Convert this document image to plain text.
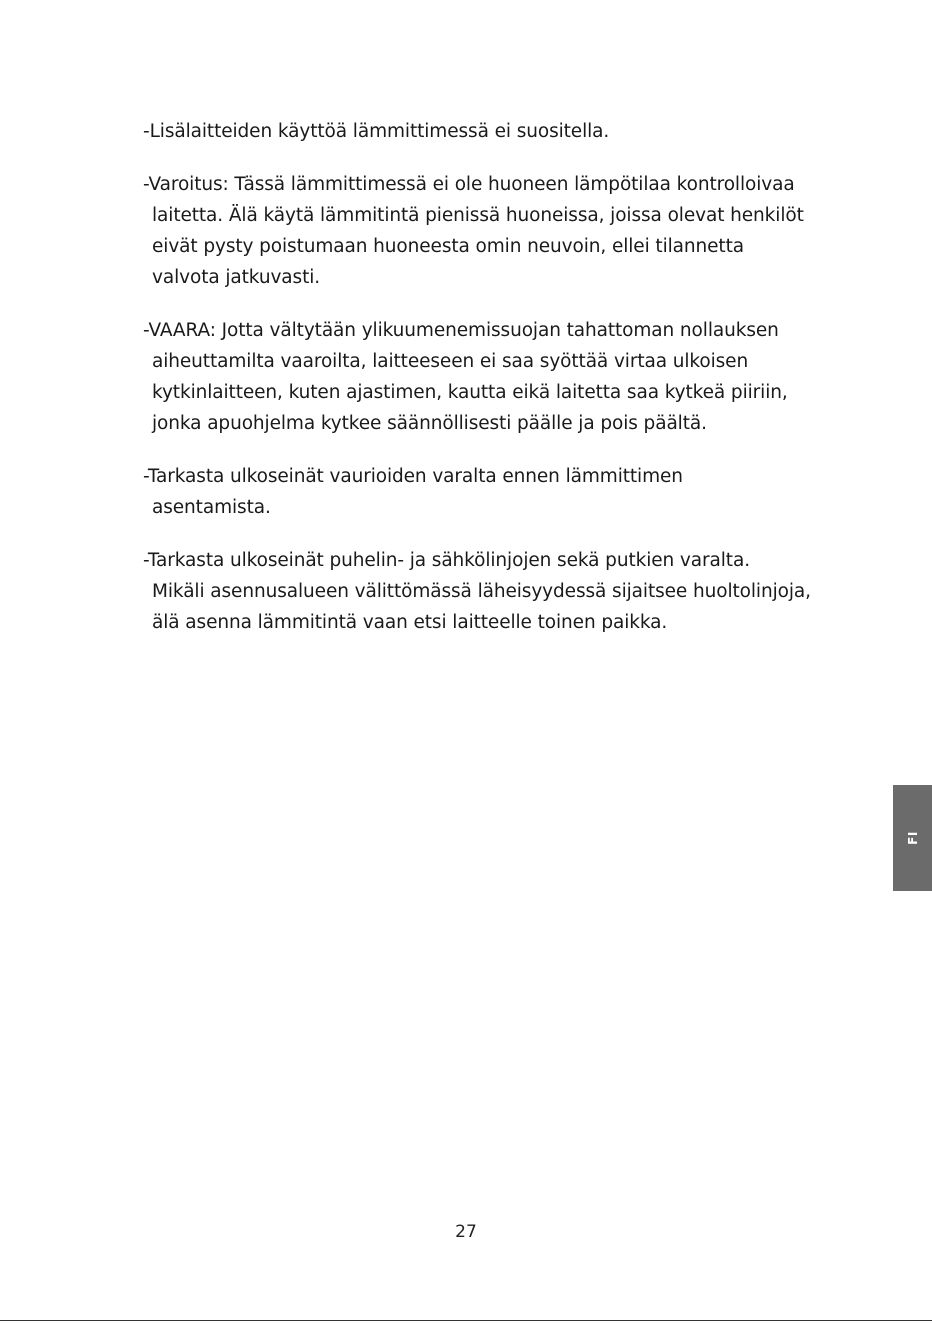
-Lisälaitteiden käyttöä lämmittimessä ei suositella.
-Varoitus: Tässä lämmittimessä ei ole huoneen lämpötilaa kontrolloivaa
laitetta. Älä käytä lämmitintä pienissä huoneissa, joissa olevat henkilöt
eivät pysty poistumaan huoneesta omin neuvoin, ellei tilannetta
valvota jatkuvasti.
-VAARA: Jotta vältytään ylikuumenemissuojan tahattoman nollauksen
aiheuttamilta vaaroilta, laitteeseen ei saa syöttää virtaa ulkoisen
kytkinlaitteen, kuten ajastimen, kautta eikä laitetta saa kytkeä piiriin,
jonka apuohjelma kytkee säännöllisesti päälle ja pois päältä.
-Tarkasta ulkoseinät vaurioiden varalta ennen lämmittimen
asentamista.
-Tarkasta ulkoseinät puhelin- ja sähkölinjojen sekä putkien varalta.
Mikäli asennusalueen välittömässä läheisyydessä sijaitsee huoltolinjoja,
älä asenna lämmitintä vaan etsi laitteelle toinen paikka.
FI
27
